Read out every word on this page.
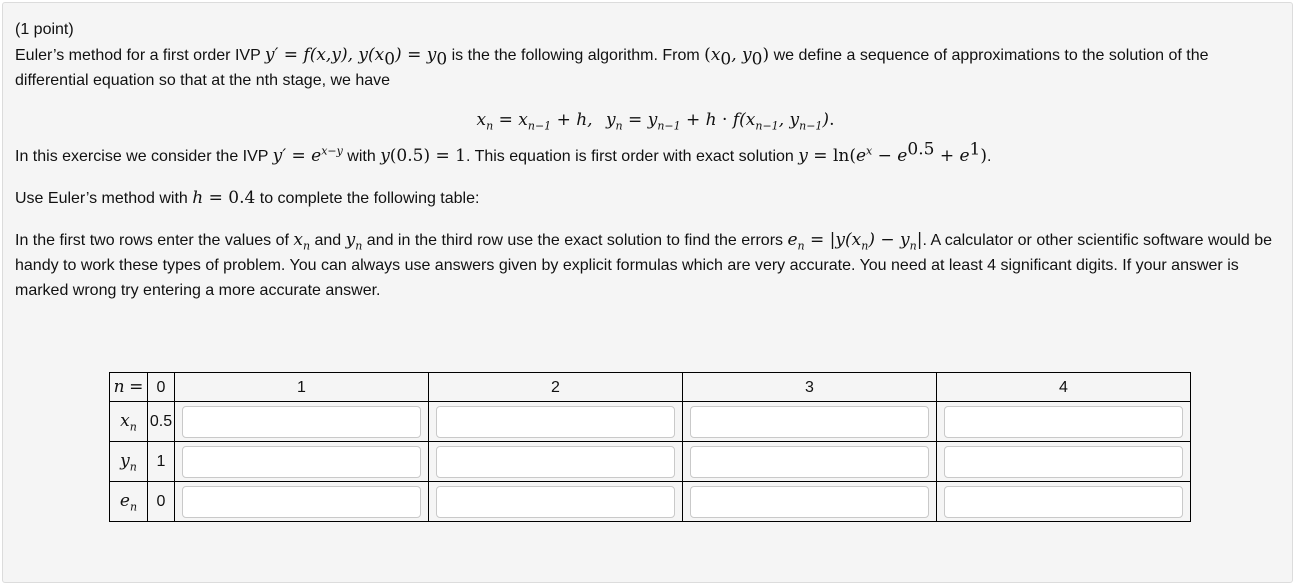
(1 point)

Euler’s method for a first order IVP y′ = f(x,y), $y(x_0) = y_0$ is the the following algorithm. From ($x_0$, $y_0$) we define a sequence of approximations to the solution of the differential equation so that at the nth stage, we have

$x_n = x_{n-1} + h$, $y_n = y_{n-1} + h \cdot f(x_{n-1}$, $y_{n-1}$).

In this exercise we consider the IVP $y' = e^{x-y}$ with y(0.5) = 1. This equation is first order with exact solution $y = \ln(e^x - e^{0.5} + e^1)$.

Use Euler’s method with h = 0.4 to complete the following table:

In the first two rows enter the values of $x_n$ and $y_n$ and in the third row use the exact solution to find the errors $e_n = |y(x_n) - y_n|$. A calculator or other scientific software would be handy to work these types of problem. You can always use answers given by explicit formulas which are very accurate. You need at least 4 significant digits. If your answer is marked wrong try entering a more accurate answer.

n =	0	1	2	3	4
$x_n$	0.5	

$y_n$	1	

$e_n$	0	
